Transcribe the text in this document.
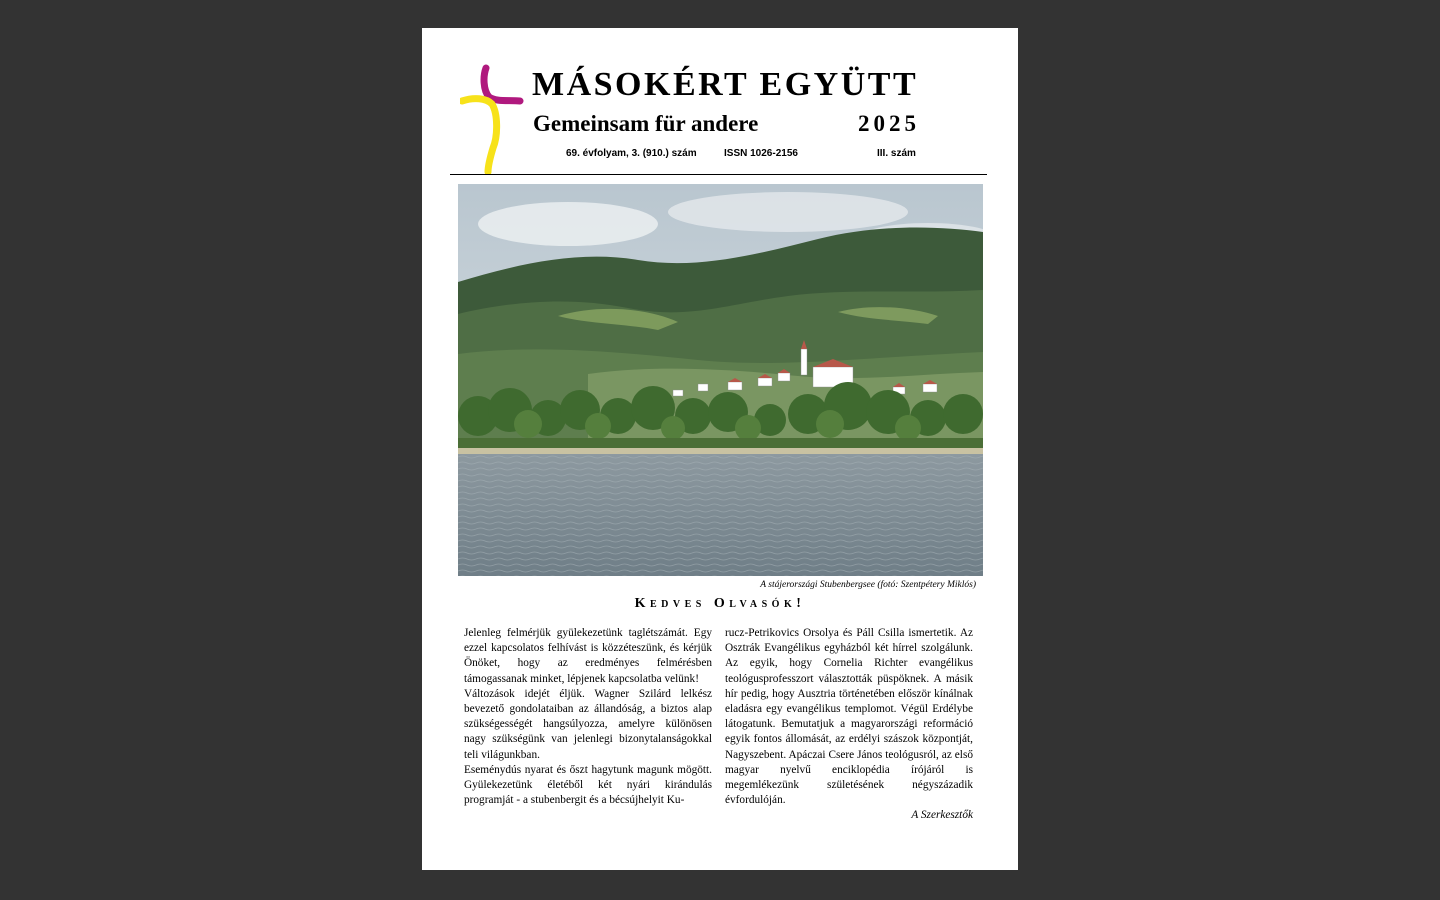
MÁSOKÉRT EGYÜTT
Gemeinsam für andere	2025
69. évfolyam, 3. (910.) szám	ISSN 1026-2156	III. szám
A stájerországi Stubenbergsee (fotó: Szentpétery Miklós)
Kedves Olvasók!

Jelenleg felmérjük gyülekezetünk taglétszámát. Egy ezzel kapcsolatos felhívást is közzéteszünk, és kérjük Önöket, hogy az eredményes felmérésben támogassanak minket, lépjenek kapcsolatba velünk!

Változások idejét éljük. Wagner Szilárd lelkész bevezető gondolataiban az állandóság, a biztos alap szükségességét hangsúlyozza, amelyre különösen nagy szükségünk van jelenlegi bizonytalanságokkal teli világunkban.

Eseménydús nyarat és őszt hagytunk magunk mögött. Gyülekezetünk életéből két nyári kirándulás programját - a stubenbergit és a bécsújhelyit Ku-

rucz-Petrikovics Orsolya és Páll Csilla ismertetik. Az Osztrák Evangélikus egyházból két hírrel szolgálunk. Az egyik, hogy Cornelia Richter evangélikus teológusprofesszort választották püspöknek. A másik hír pedig, hogy Ausztria történetében először kínálnak eladásra egy evangélikus templomot. Végül Erdélybe látogatunk. Bemutatjuk a magyarországi reformáció egyik fontos állomását, az erdélyi szászok központját, Nagyszebent. Apáczai Csere János teológusról, az első magyar nyelvű enciklopédia írójáról is megemlékezünk születésének négyszázadik évfordulóján.

A Szerkesztők
